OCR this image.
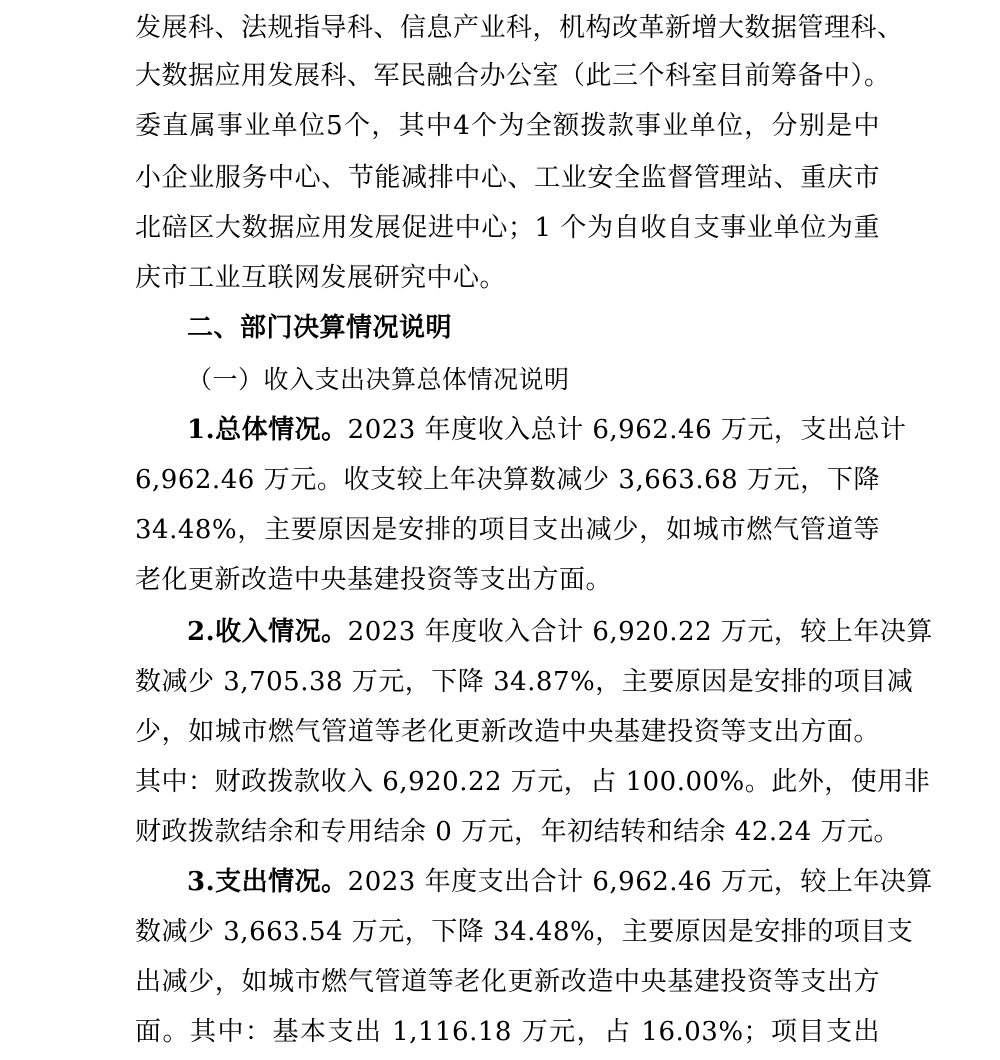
发展科、法规指导科、信息产业科，机构改革新增大数据管理科、
大数据应用发展科、军民融合办公室（此三个科室目前筹备中）。
委直属事业单位5个，其中4个为全额拨款事业单位，分别是中
小企业服务中心、节能减排中心、工业安全监督管理站、重庆市
北碚区大数据应用发展促进中心；1 个为自收自支事业单位为重
庆市工业互联网发展研究中心。
二、部门决算情况说明
（一）收入支出决算总体情况说明
1.总体情况。2023 年度收入总计 6,962.46 万元，支出总计
6,962.46 万元。收支较上年决算数减少 3,663.68 万元，下降
34.48%，主要原因是安排的项目支出减少，如城市燃气管道等
老化更新改造中央基建投资等支出方面。
2.收入情况。2023 年度收入合计 6,920.22 万元，较上年决算
数减少 3,705.38 万元，下降 34.87%，主要原因是安排的项目减
少，如城市燃气管道等老化更新改造中央基建投资等支出方面。
其中：财政拨款收入 6,920.22 万元，占 100.00%。此外，使用非
财政拨款结余和专用结余 0 万元，年初结转和结余 42.24 万元。
3.支出情况。2023 年度支出合计 6,962.46 万元，较上年决算
数减少 3,663.54 万元，下降 34.48%，主要原因是安排的项目支
出减少，如城市燃气管道等老化更新改造中央基建投资等支出方
面。其中：基本支出 1,116.18 万元，占 16.03%；项目支出
